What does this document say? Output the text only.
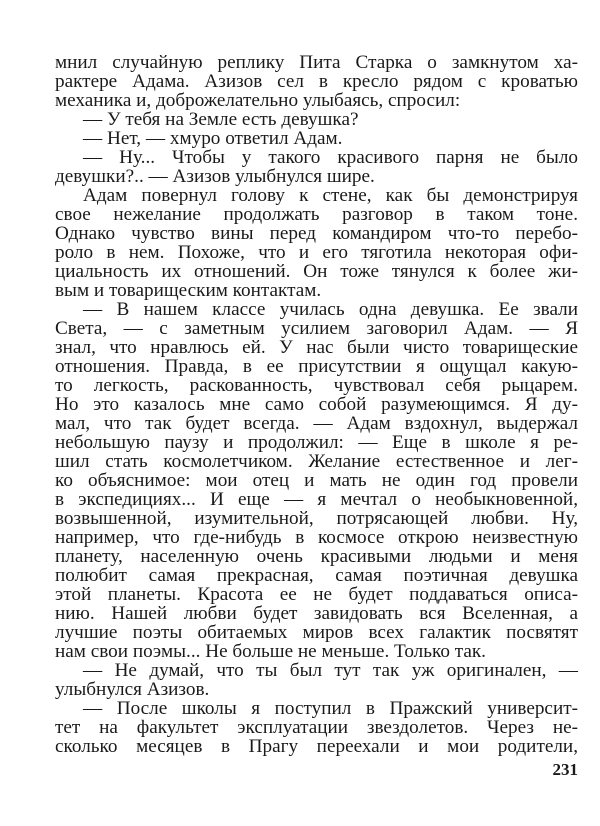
мнил случайную реплику Пита Старка о замкнутом ха-
рактере Адама. Азизов сел в кресло рядом с кроватью
механика и, доброжелательно улыбаясь, спросил:
— У тебя на Земле есть девушка?
— Нет, — хмуро ответил Адам.
— Ну... Чтобы у такого красивого парня не было
девушки?.. — Азизов улыбнулся шире.
Адам повернул голову к стене, как бы демонстрируя
свое нежелание продолжать разговор в таком тоне.
Однако чувство вины перед командиром что-то перебо-
роло в нем. Похоже, что и его тяготила некоторая офи-
циальность их отношений. Он тоже тянулся к более жи-
вым и товарищеским контактам.
— В нашем классе училась одна девушка. Ее звали
Света, — с заметным усилием заговорил Адам. — Я
знал, что нравлюсь ей. У нас были чисто товарищеские
отношения. Правда, в ее присутствии я ощущал какую-
то легкость, раскованность, чувствовал себя рыцарем.
Но это казалось мне само собой разумеющимся. Я ду-
мал, что так будет всегда. — Адам вздохнул, выдержал
небольшую паузу и продолжил: — Еще в школе я ре-
шил стать космолетчиком. Желание естественное и лег-
ко объяснимое: мои отец и мать не один год провели
в экспедициях... И еще — я мечтал о необыкновенной,
возвышенной, изумительной, потрясающей любви. Ну,
например, что где-нибудь в космосе открою неизвестную
планету, населенную очень красивыми людьми и меня
полюбит самая прекрасная, самая поэтичная девушка
этой планеты. Красота ее не будет поддаваться описа-
нию. Нашей любви будет завидовать вся Вселенная, а
лучшие поэты обитаемых миров всех галактик посвятят
нам свои поэмы... Не больше не меньше. Только так.
— Не думай, что ты был тут так уж оригинален, —
улыбнулся Азизов.
— После школы я поступил в Пражский университ-
тет на факультет эксплуатации звездолетов. Через не-
сколько месяцев в Прагу переехали и мои родители,
231
